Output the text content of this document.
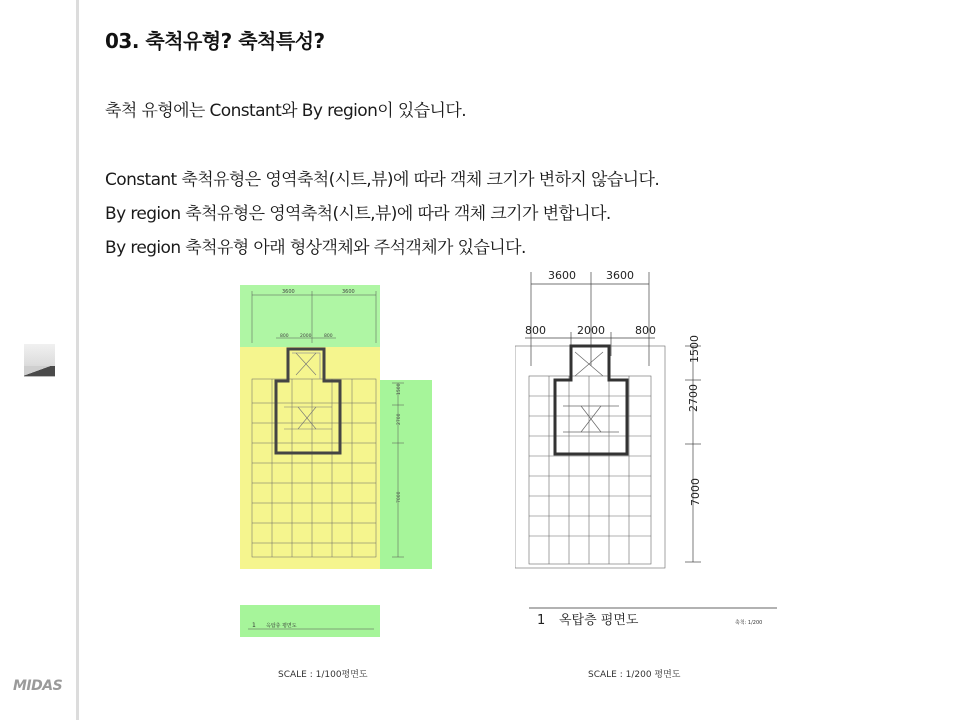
MIDAS
03. 축척유형? 축척특성?
축척 유형에는 Constant와 By region이 있습니다.
Constant 축척유형은 영역축척(시트,뷰)에 따라 객체 크기가 변하지 않습니다.
By region 축척유형은 영역축척(시트,뷰)에 따라 객체 크기가 변합니다.
By region 축척유형 아래 형상객체와 주석객체가 있습니다.
3600	3600
800	2000	800
1500
2700
7000
1 옥탑층 평면도
SCALE : 1/100평면도
3600	3600
800	2000	800
1500
2700
7000
1 옥탑층 평면도	축척: 1/200
SCALE : 1/200 평면도
